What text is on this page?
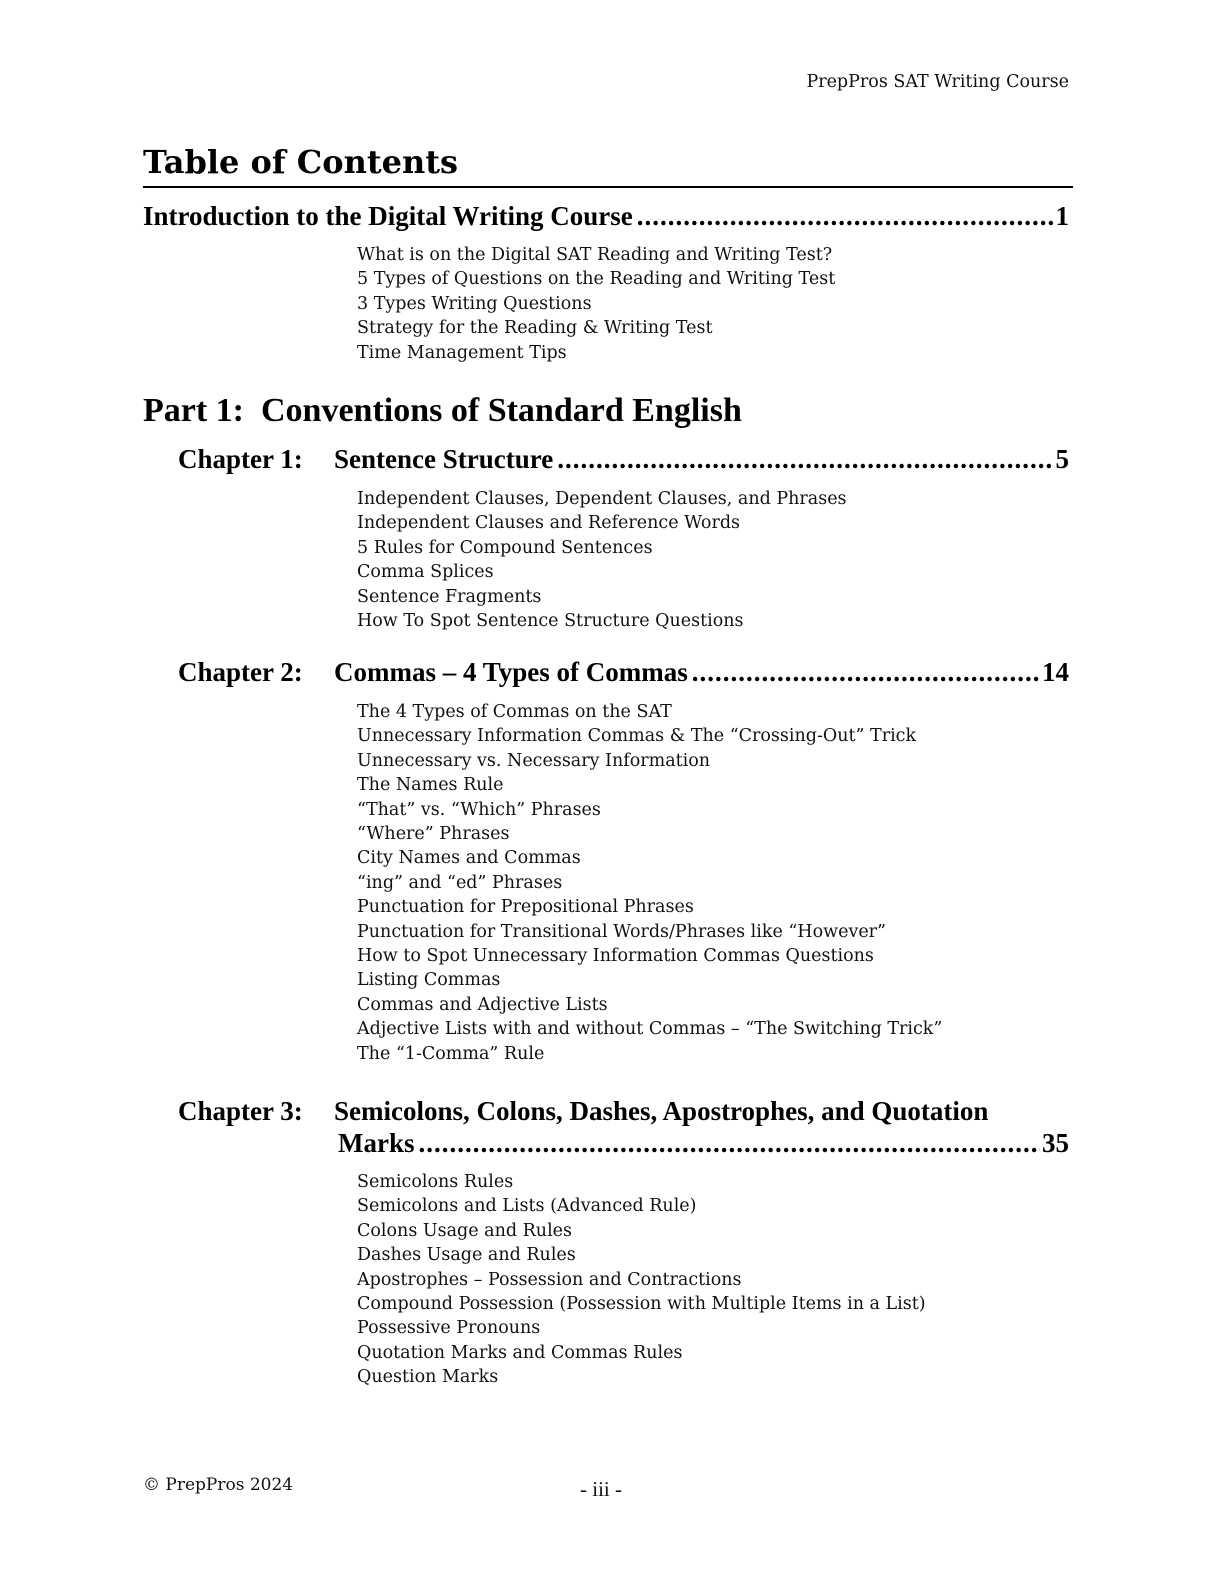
PrepPros SAT Writing Course
Table of Contents
Introduction to the Digital Writing Course .....	1
What is on the Digital SAT Reading and Writing Test?
5 Types of Questions on the Reading and Writing Test
3 Types Writing Questions
Strategy for the Reading & Writing Test
Time Management Tips
Part 1:  Conventions of Standard English
Chapter 1: Sentence Structure .....	5
Independent Clauses, Dependent Clauses, and Phrases
Independent Clauses and Reference Words
5 Rules for Compound Sentences
Comma Splices
Sentence Fragments
How To Spot Sentence Structure Questions
Chapter 2: Commas – 4 Types of Commas .....	14
The 4 Types of Commas on the SAT
Unnecessary Information Commas & The “Crossing-Out” Trick
Unnecessary vs. Necessary Information
The Names Rule
“That” vs. “Which” Phrases
“Where” Phrases
City Names and Commas
“ing” and “ed” Phrases
Punctuation for Prepositional Phrases
Punctuation for Transitional Words/Phrases like “However”
How to Spot Unnecessary Information Commas Questions
Listing Commas
Commas and Adjective Lists
Adjective Lists with and without Commas – “The Switching Trick”
The “1-Comma” Rule
Chapter 3: Semicolons, Colons, Dashes, Apostrophes, and Quotation
Marks .....	35
Semicolons Rules
Semicolons and Lists (Advanced Rule)
Colons Usage and Rules
Dashes Usage and Rules
Apostrophes – Possession and Contractions
Compound Possession (Possession with Multiple Items in a List)
Possessive Pronouns
Quotation Marks and Commas Rules
Question Marks
© PrepPros 2024	- iii -
